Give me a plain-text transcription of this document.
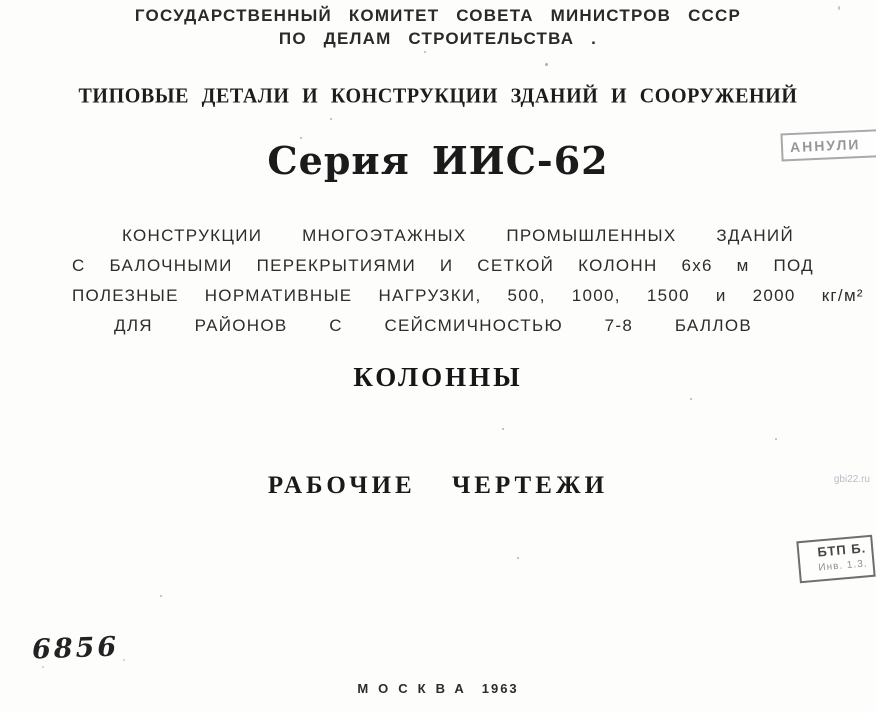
ГОСУДАРСТВЕННЫЙ КОМИТЕТ СОВЕТА МИНИСТРОВ СССР
ПО ДЕЛАМ СТРОИТЕЛЬСТВА .
ТИПОВЫЕ ДЕТАЛИ И КОНСТРУКЦИИ ЗДАНИЙ И СООРУЖЕНИЙ
АННУЛИ
Серия ИИС-62
КОНСТРУКЦИИ МНОГОЭТАЖНЫХ ПРОМЫШЛЕННЫХ ЗДАНИЙ
С БАЛОЧНЫМИ ПЕРЕКРЫТИЯМИ И СЕТКОЙ КОЛОНН 6х6 м ПОД
ПОЛЕЗНЫЕ НОРМАТИВНЫЕ НАГРУЗКИ, 500, 1000, 1500 и 2000 кг/м²
ДЛЯ РАЙОНОВ С СЕЙСМИЧНОСТЬЮ 7-8 БАЛЛОВ
КОЛОННЫ
РАБОЧИЕ ЧЕРТЕЖИ	gbi22.ru
БТП Б.
Инв. 1.3.
6856
МОСКВА 1963
